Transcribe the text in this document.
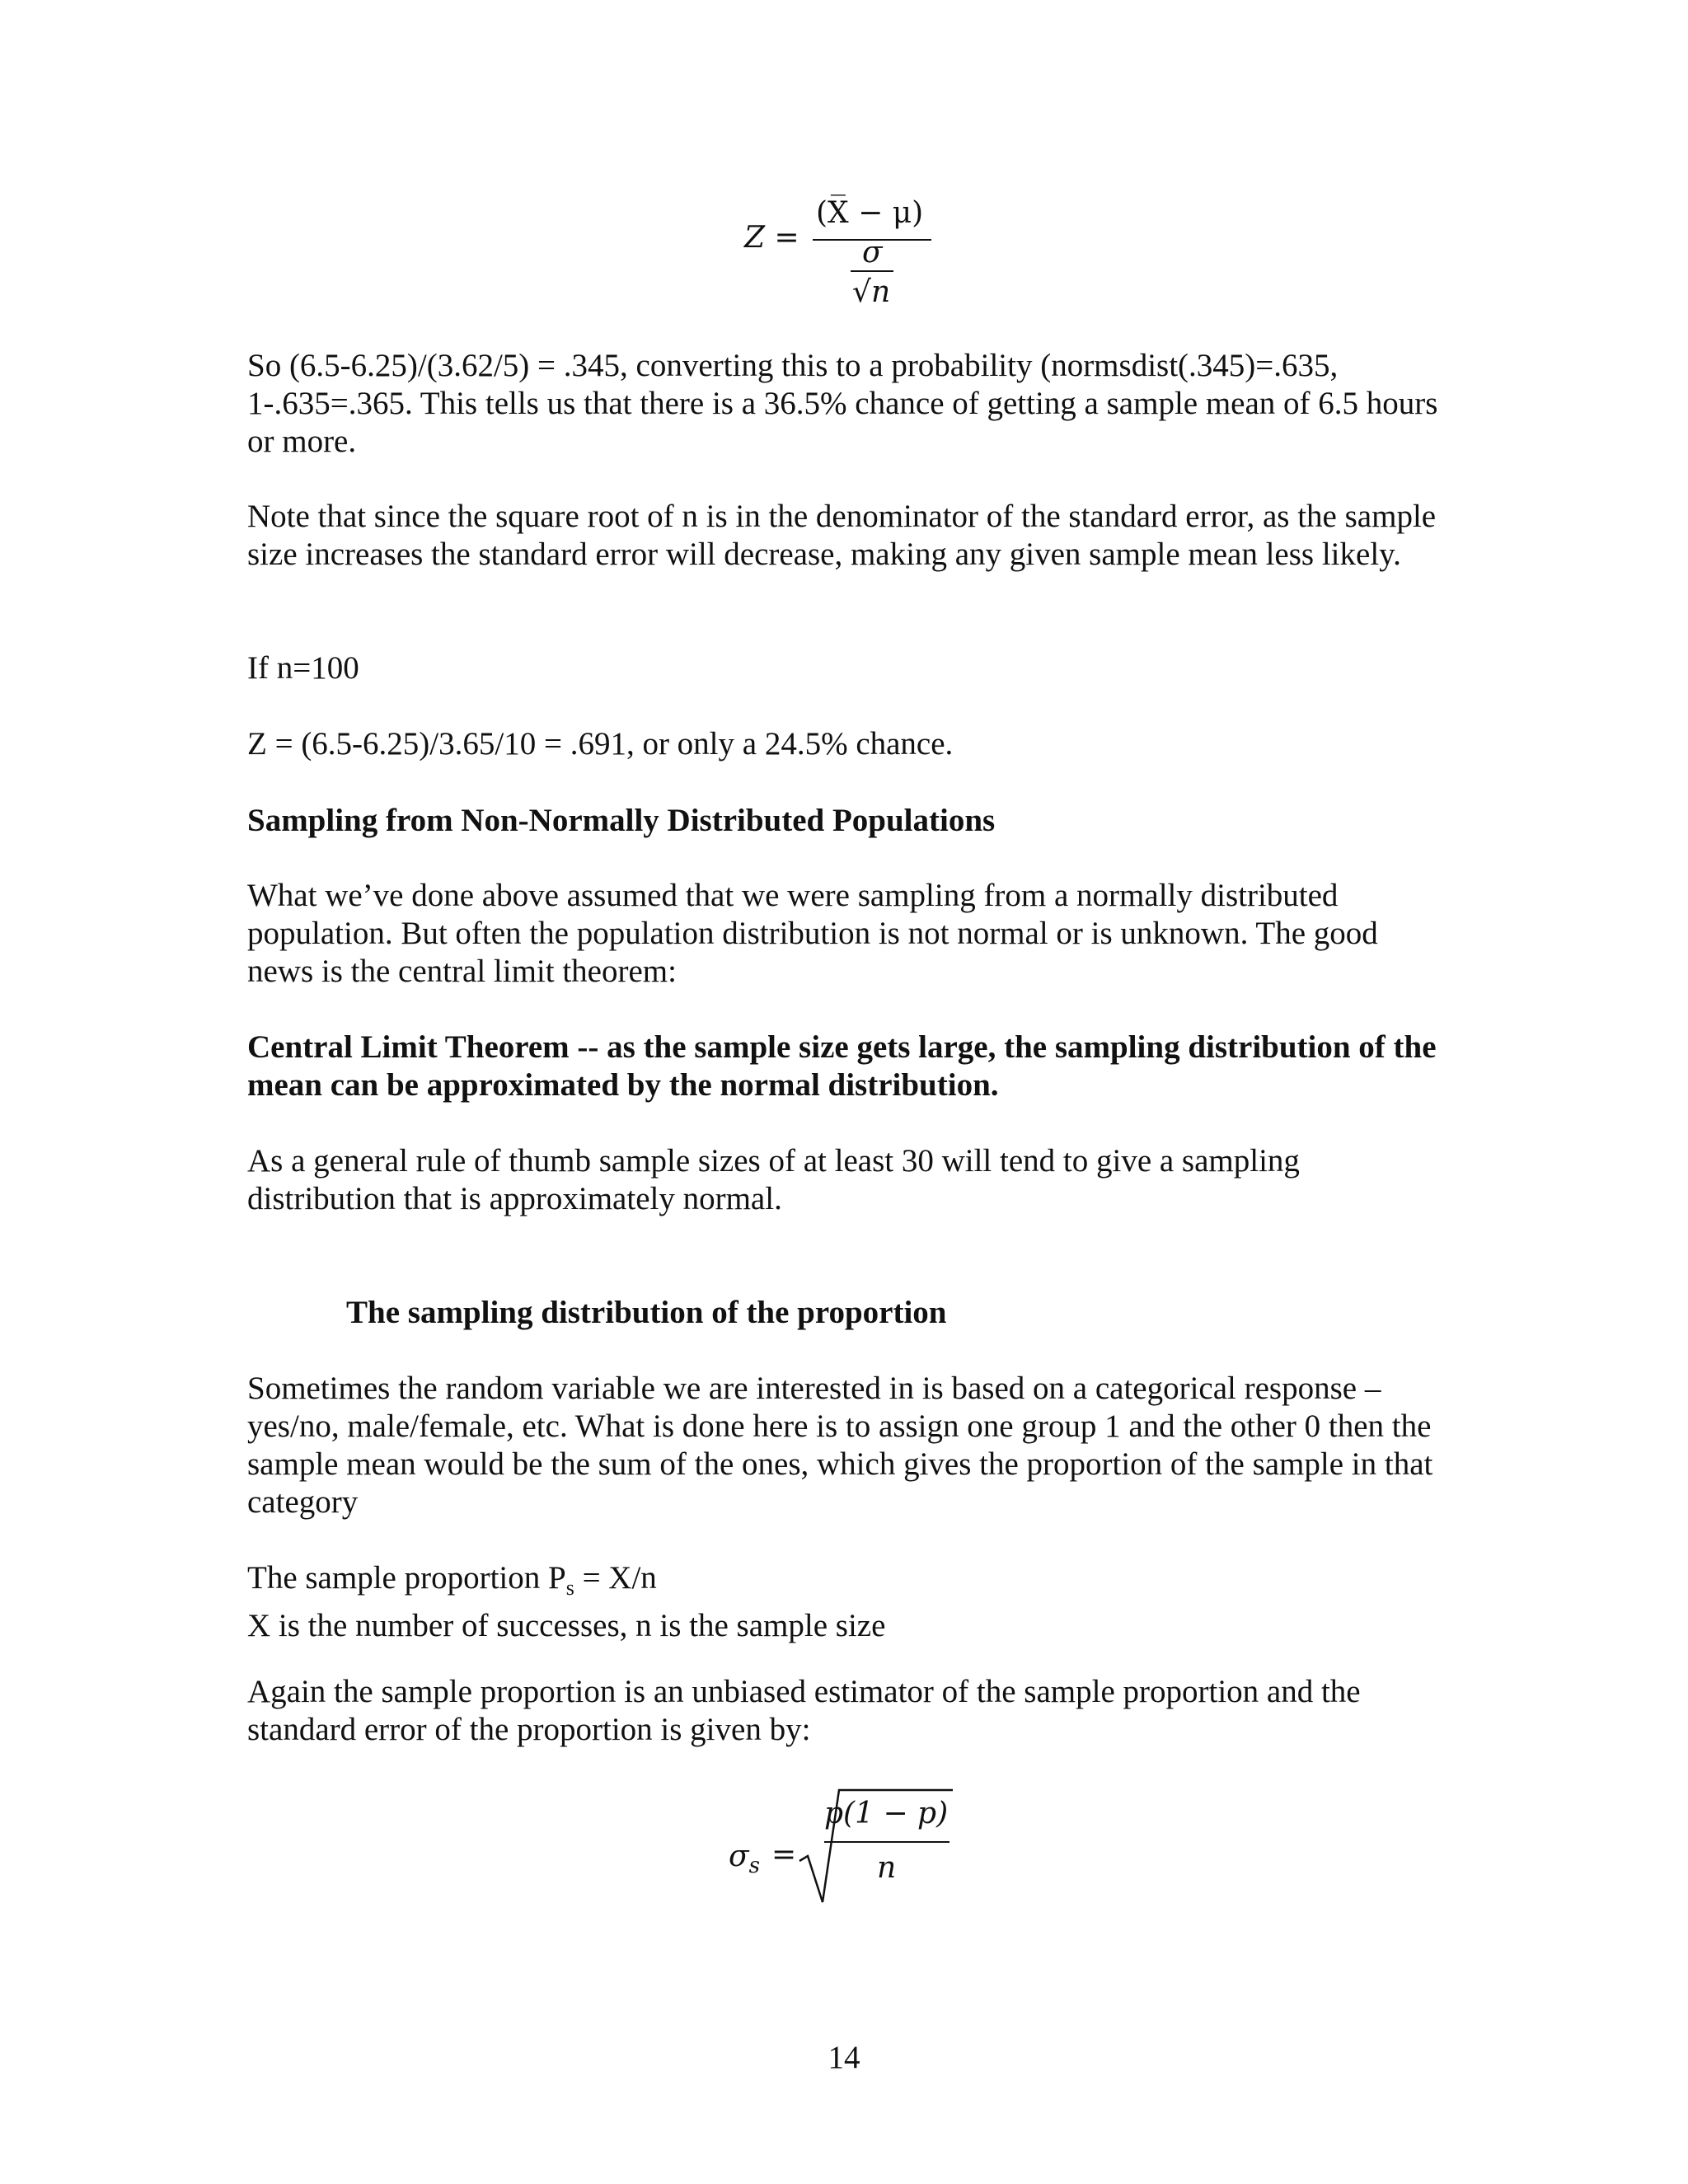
Z =
(X̅ − μ)
σ
√n

So (6.5-6.25)/(3.62/5) = .345, converting this to a probability (normsdist(.345)=.635, 1-.635=.365. This tells us that there is a 36.5% chance of getting a sample mean of 6.5 hours or more.

Note that since the square root of n is in the denominator of the standard error, as the sample size increases the standard error will decrease, making any given sample mean less likely.

If n=100

Z = (6.5-6.25)/3.65/10 = .691, or only a 24.5% chance.

Sampling from Non-Normally Distributed Populations

What we’ve done above assumed that we were sampling from a normally distributed population. But often the population distribution is not normal or is unknown. The good news is the central limit theorem:

Central Limit Theorem -- as the sample size gets large, the sampling distribution of the mean can be approximated by the normal distribution.

As a general rule of thumb sample sizes of at least 30 will tend to give a sampling distribution that is approximately normal.

The sampling distribution of the proportion

Sometimes the random variable we are interested in is based on a categorical response – yes/no, male/female, etc. What is done here is to assign one group 1 and the other 0 then the sample mean would be the sum of the ones, which gives the proportion of the sample in that category

The sample proportion $P_s = X/n$
X is the number of successes, n is the sample size

Again the sample proportion is an unbiased estimator of the sample proportion and the standard error of the proportion is given by:

$\sigma_s$ =
p(1 − p)
n
14
